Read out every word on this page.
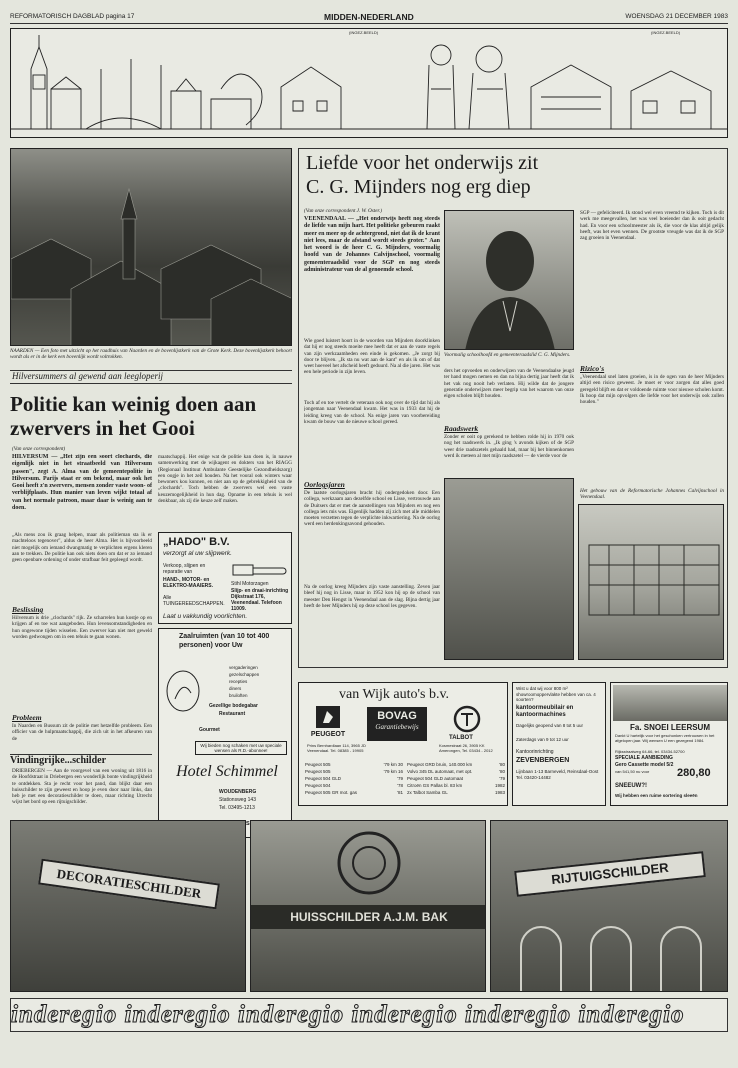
REFORMATORISCH DAGBLAD pagina 17	MIDDEN-NEDERLAND	WOENSDAG 21 DECEMBER 1983
(INGEZ.BEELD)	(INGEZ.BEELD)
NAARDEN — Een foto met uitzicht op het raadhuis van Naarden en de bovenlijstkerk van de Grote Kerk. Deze bovenlijstkerk behoort wordt als er in de kerk een bovenlijk wordt voltrokken.
Hilversummers al gewend aan leegloperij
Politie kan weinig doen aan zwervers in het Gooi
(Van onze correspondent)
HILVERSUM — „Het zijn een soort clochards, die eigenlijk niet in het straatbeeld van Hilversum passen", zegt A. Alma van de gemeentepolitie in Hilversum. Parijs staat er om bekend, maar ook het Gooi heeft z'n zwervers, mensen zonder vaste woon- of verblijfplaats. Hun manier van leven wijkt totaal af van het normale patroon, maar daar is weinig aan te doen.
„Als mens zou ik graag helpen, maar als politieman sta ik er machteloos tegenover", aldus de heer Alma. Het is bijvoorbeeld niet mogelijk om iemand dwangmatig te verplichten ergens kleren aan te trekken. De politie kan ook niets doen om dat er zo iemand geen openbare ordening of onder strafbaar feit gepleegd wordt.
Beslissing
Hilversum is drie „clochards" rijk. Ze scharrelen hun kostje op en krijgen af en toe wat aangeboden. Hun levensomstandigheden en hun ongewone tijden wisselen. Een zwerver kan niet met geweld worden gedwongen om in een tehuis te gaan wonen.
Probleem
In Naarden en Bussum zit de politie met hetzelfde probleem. Een officier van de hulpmaatschappij, die zich uit in het afkeuren van de
maatschappij. Het enige wat de politie kan doen is, in nauwe samenwerking met de wijkagent en dokters van het RIAGG (Regionaal Instituut Ambulante Geestelijke Gezondheidszorg) een oogje in het zeil houden. Na het vooral ook winters waar bewoners kou kunnen, en niet aan op de gebrekkigheid van de „clochards". Toch hebben de zwervers wel een vaste keuzemogelijkheid in hun dag. Opname in een tehuis is wel denkbaar, als zij die keuze zelf maken.
Vindingrijke...schilder
DRIEBERGEN — Aan de voorgevel van een woning uit 1816 in de Hoofdstraat in Driebergen een wonderlijk bonte vindingrijkheid te ontdekken. Sta je recht voor het pand, dan blijkt daar een huisschilder te zijn geweest en hoop je even door naar links, dan heb je met een decoratieschilder te doen, maar richting Utrecht wijst het bord op een rijtuigschilder.
„HADO" B.V.
verzorgt al uw slijpwerk.
Verkoop, slijpen en reparatie van
HAND-, MOTOR- en ELEKTRO-MAAIERS.
Alle TUINGEREEDSCHAPPEN.
Stihl Motorzagen
Slijp- en draai-inrichting Dijkstraat 176, Veenendaal. Telefoon 11009.
Laat u vakkundig voorlichten.
Zaalruimten (van 10 tot 400 personen) voor Uw
vergaderingen
gezelschappen
recepties
diners
bruiloften
Gezellige bodegabar
Restaurant
Gourmet
Wij bieden nog schaken met uw speciale wensen als R.D.-abonnee!
Hotel Schimmel
WOUDENBERG
Stationsweg 143
Tel. 03495-1213
Liefde voor het onderwijs zit
C. G. Mijnders nog erg diep
(Van onze correspondent J. W. Oster.)
VEENENDAAL — „Het onderwijs heeft nog steeds de liefde van mijn hart. Het politieke gebeuren raakt meer en meer op de achtergrond, niet dat ik de krant niet lees, maar de afstand wordt steeds groter." Aan het woord is de heer C. G. Mijnders, voormalig hoofd van de Johannes Calvijnschool, voormalig gemeenteraadslid voor de SGP en nog steeds administrateur van de al genoemde school.
Wie goed luistert hoort in de woorden van Mijnders doorklinken dat hij er nog steeds moeite mee heeft dat er aan de vaste regels van zijn werkzaamheden een einde is gekomen. „Je zorgt bij door te blijven. „Ik sta nu wat aan de kant" en als ik om of dat weet hoeveel het afscheid heeft geduurd. Na al die jaren. Het was een hele periode in zijn leven.
Toch af en toe vertelt de veteraan ook nog over de tijd dat hij als jongeman naar Veenendaal kwam. Het was in 1933 dat hij de leiding kreeg van de school. Na enige jaren van voorbereiding kwam de bouw van de nieuwe school gereed.
Oorlogsjaren
De laatste oorlogsjaren bracht hij ondergedoken door. Een collega, werkzaam aan dezelfde school en Lisse, vertrouwde aan de Duitsers dat er met de aanstellingen van Mijnders en nog een collega iets mis was. Eigenlijk hadden zij zich met alle middelen moeten verzetten tegen de verplichte inkwartiering. Na de oorlog werd een herdenkingsavond gehouden.
Na de oorlog kreeg Mijnders zijn vaste aanstelling. Zeven jaar bleef hij nog in Lisse, maar in 1952 kon hij op de school van meester Den Hengst in Veenendaal aan de slag. Bijna dertig jaar heeft de heer Mijnders hij op deze school les gegeven.
Voormalig schoolhoofd en gemeenteraadslid C. G. Mijnders.
ders het opvoeden en onderwijzen van de Veenendaalse jeugd ter hand mogen nemen en dan na bijna dertig jaar heeft dat ik het vak nog nooit heb verlaten. Hij wilde dat de jongere generatie onderwijzers meer begrip van het waarom van onze eigen scholen blijft houden.
Raadswerk
Zonder er ooit op gerekend te hebben rolde hij in 1970 ook nog het raadswerk in. „Ik ging 's avonds kijken of de SGP weer drie raadszetels gehaald had, maar bij het binnenkomen werd ik meteen al met mijn raadszetel — de vierde voor de
SGP — gefeliciteerd. Ik stond wel even vreemd te kijken. Toch is dit werk me meegevallen, het was veel boeiender dan ik ooit gedacht had. En voor een schoolmeester als ik, die voor de klas altijd gelijk heeft, was het even wennen. De grootste vreugde was dat ik de SGP zag groeien in Veenendaal.
Rizico's
„Veenendaal snel laten groeien, is in de ogen van de heer Mijnders altijd een risico geweest. Je moet er voor zorgen dat alles goed geregeld blijft en dat er voldoende ruimte voor nieuwe scholen komt. Ik hoop dat mijn opvolgers die liefde voor het onderwijs ook zullen houden."
Het gebouw van de Reformatorische Johannes Calvijnschool in Veenendaal.
van Wijk auto's b.v.
PEUGEOT
BOVAG
Garantiebewijs
TALBOT
Prins Bernhardlaan 114, 3965 JD Veenendaal. Tel. 08385 - 19905
Kosmestraat 26, 3905 KK Amerongen, Tel. 03434 - 2012
Peugeot 505	'79 km 30
Peugeot 505	'79 km 16
Peugeot 504 GLD	'79
Peugeot 504	'78
Peugeot 505 GR mot. gas	'81
Peugeot GRD bruin, 140.000 km	'80
Volvo 345 DL automaat, met opt.	'80
Peugeot 504 GLD automaat	'79
Citroën GS Pallas bl. 83 km	1982
2x Talbot Samba GL	1983
Wist u dat wij voor 800 m² showroomoppervlakte hebben van ca. 4 soorten?
kantoormeubilair en kantoormachines
Dagelijks geopend van 8 tot 5 uur
Zaterdags van 9 tot 12 uur
Kantoorinrichting
ZEVENBERGEN
Lijnbaan 1-13 Barneveld, Reinsdaal-Oost Tel. 03420-14482
Fa. SNOEI LEERSUM
Dankt U hartelijk voor het geschonken vertrouwen in het afgelopen jaar. Wij wensen U een gezegend 1984.
Rijksstraatweg 64-66, tel. 03434-52700
SPECIALE AANBIEDING
Gero Cassette model 5/2
van 541,50 nu voor	280,80
SNEEUW?!
Wij hebben een ruime sortering sleeën
DECORATIESCHILDER
HUISSCHILDER A.J.M. BAK
RIJTUIGSCHILDER
inderegio inderegio inderegio inderegio inderegio inderegio
